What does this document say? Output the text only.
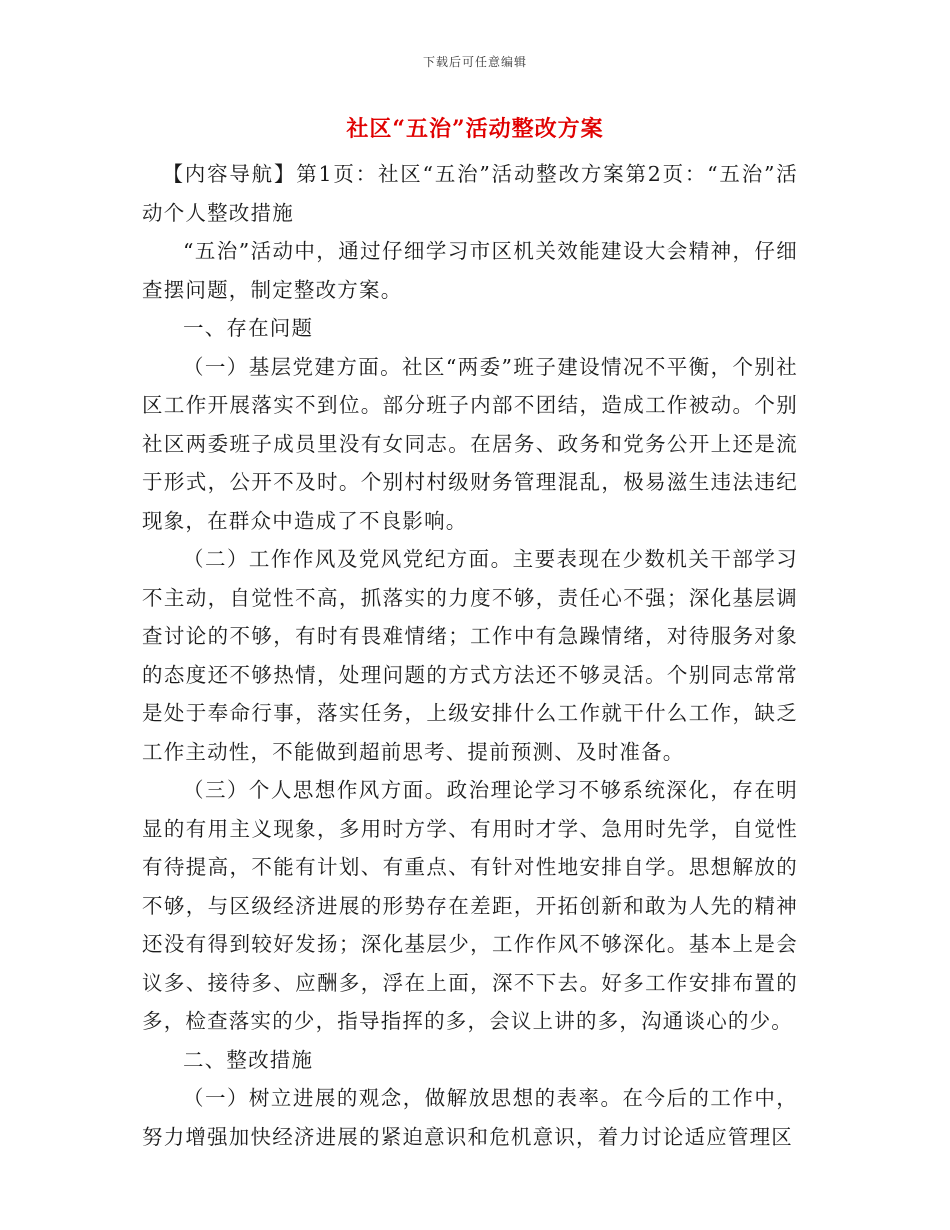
下载后可任意编辑
社区“五治”活动整改方案

【内容导航】第1页：社区“五治”活动整改方案第2页：“五治”活动个人整改措施

“五治”活动中，通过仔细学习市区机关效能建设大会精神，仔细查摆问题，制定整改方案。

一、存在问题

（一）基层党建方面。社区“两委”班子建设情况不平衡，个别社区工作开展落实不到位。部分班子内部不团结，造成工作被动。个别社区两委班子成员里没有女同志。在居务、政务和党务公开上还是流于形式，公开不及时。个别村村级财务管理混乱，极易滋生违法违纪现象，在群众中造成了不良影响。

（二）工作作风及党风党纪方面。主要表现在少数机关干部学习不主动，自觉性不高，抓落实的力度不够，责任心不强；深化基层调查讨论的不够，有时有畏难情绪；工作中有急躁情绪，对待服务对象的态度还不够热情，处理问题的方式方法还不够灵活。个别同志常常是处于奉命行事，落实任务，上级安排什么工作就干什么工作，缺乏工作主动性，不能做到超前思考、提前预测、及时准备。

（三）个人思想作风方面。政治理论学习不够系统深化，存在明显的有用主义现象，多用时方学、有用时才学、急用时先学，自觉性有待提高，不能有计划、有重点、有针对性地安排自学。思想解放的不够，与区级经济进展的形势存在差距，开拓创新和敢为人先的精神还没有得到较好发扬；深化基层少，工作作风不够深化。基本上是会议多、接待多、应酬多，浮在上面，深不下去。好多工作安排布置的多，检查落实的少，指导指挥的多，会议上讲的多，沟通谈心的少。

二、整改措施

（一）树立进展的观念，做解放思想的表率。在今后的工作中，努力增强加快经济进展的紧迫意识和危机意识，着力讨论适应管理区
